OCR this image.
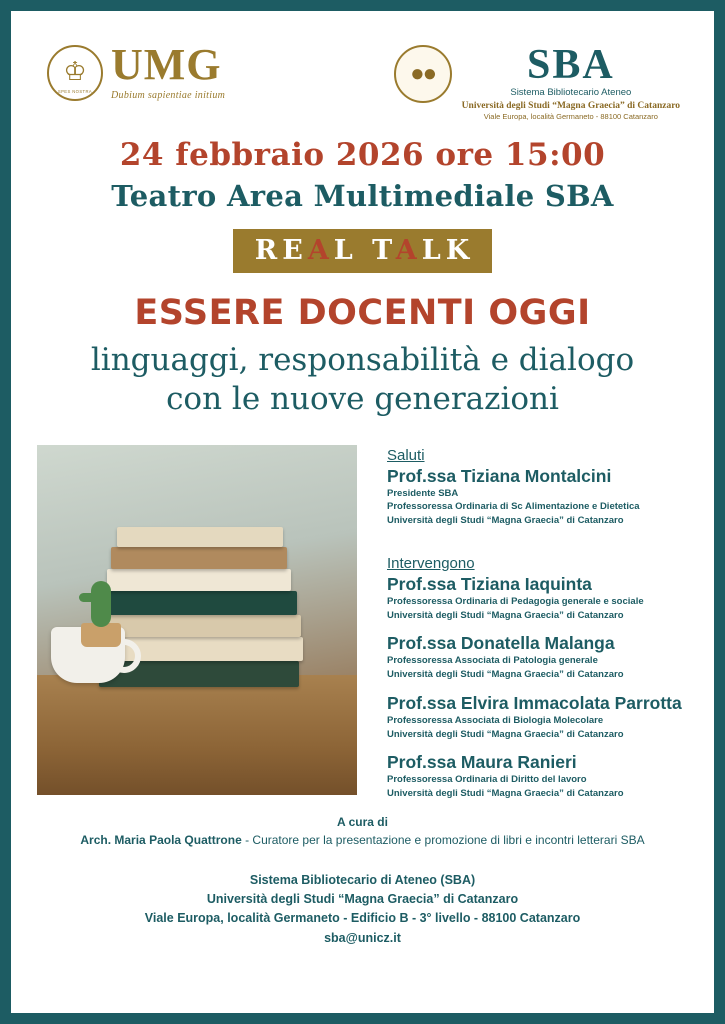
♔
SPES NOSTRA
UMG
Dubium sapientiae initium
●●	SBA
Sistema Bibliotecario Ateneo
Università degli Studi “Magna Graecia” di Catanzaro
Viale Europa, località Germaneto - 88100 Catanzaro
24 febbraio 2026 ore 15:00
Teatro Area Multimediale SBA
REAL TALK
ESSERE DOCENTI OGGI
linguaggi, responsabilità e dialogo
con le nuove generazioni
Saluti
Prof.ssa Tiziana Montalcini
Presidente SBA
Professoressa Ordinaria di Sc Alimentazione e Dietetica
Università degli Studi “Magna Graecia” di Catanzaro
Intervengono
Prof.ssa Tiziana Iaquinta
Professoressa Ordinaria di Pedagogia generale e sociale
Università degli Studi “Magna Graecia” di Catanzaro
Prof.ssa Donatella Malanga
Professoressa Associata di Patologia generale
Università degli Studi “Magna Graecia” di Catanzaro
Prof.ssa Elvira Immacolata Parrotta
Professoressa Associata di Biologia Molecolare
Università degli Studi “Magna Graecia” di Catanzaro
Prof.ssa Maura Ranieri
Professoressa Ordinaria di Diritto del lavoro
Università degli Studi “Magna Graecia” di Catanzaro
A cura di
Arch. Maria Paola Quattrone - Curatore per la presentazione e promozione di libri e incontri letterari SBA
Sistema Bibliotecario di Ateneo (SBA)
Università degli Studi “Magna Graecia” di Catanzaro
Viale Europa, località Germaneto - Edificio B - 3° livello - 88100 Catanzaro
sba@unicz.it
